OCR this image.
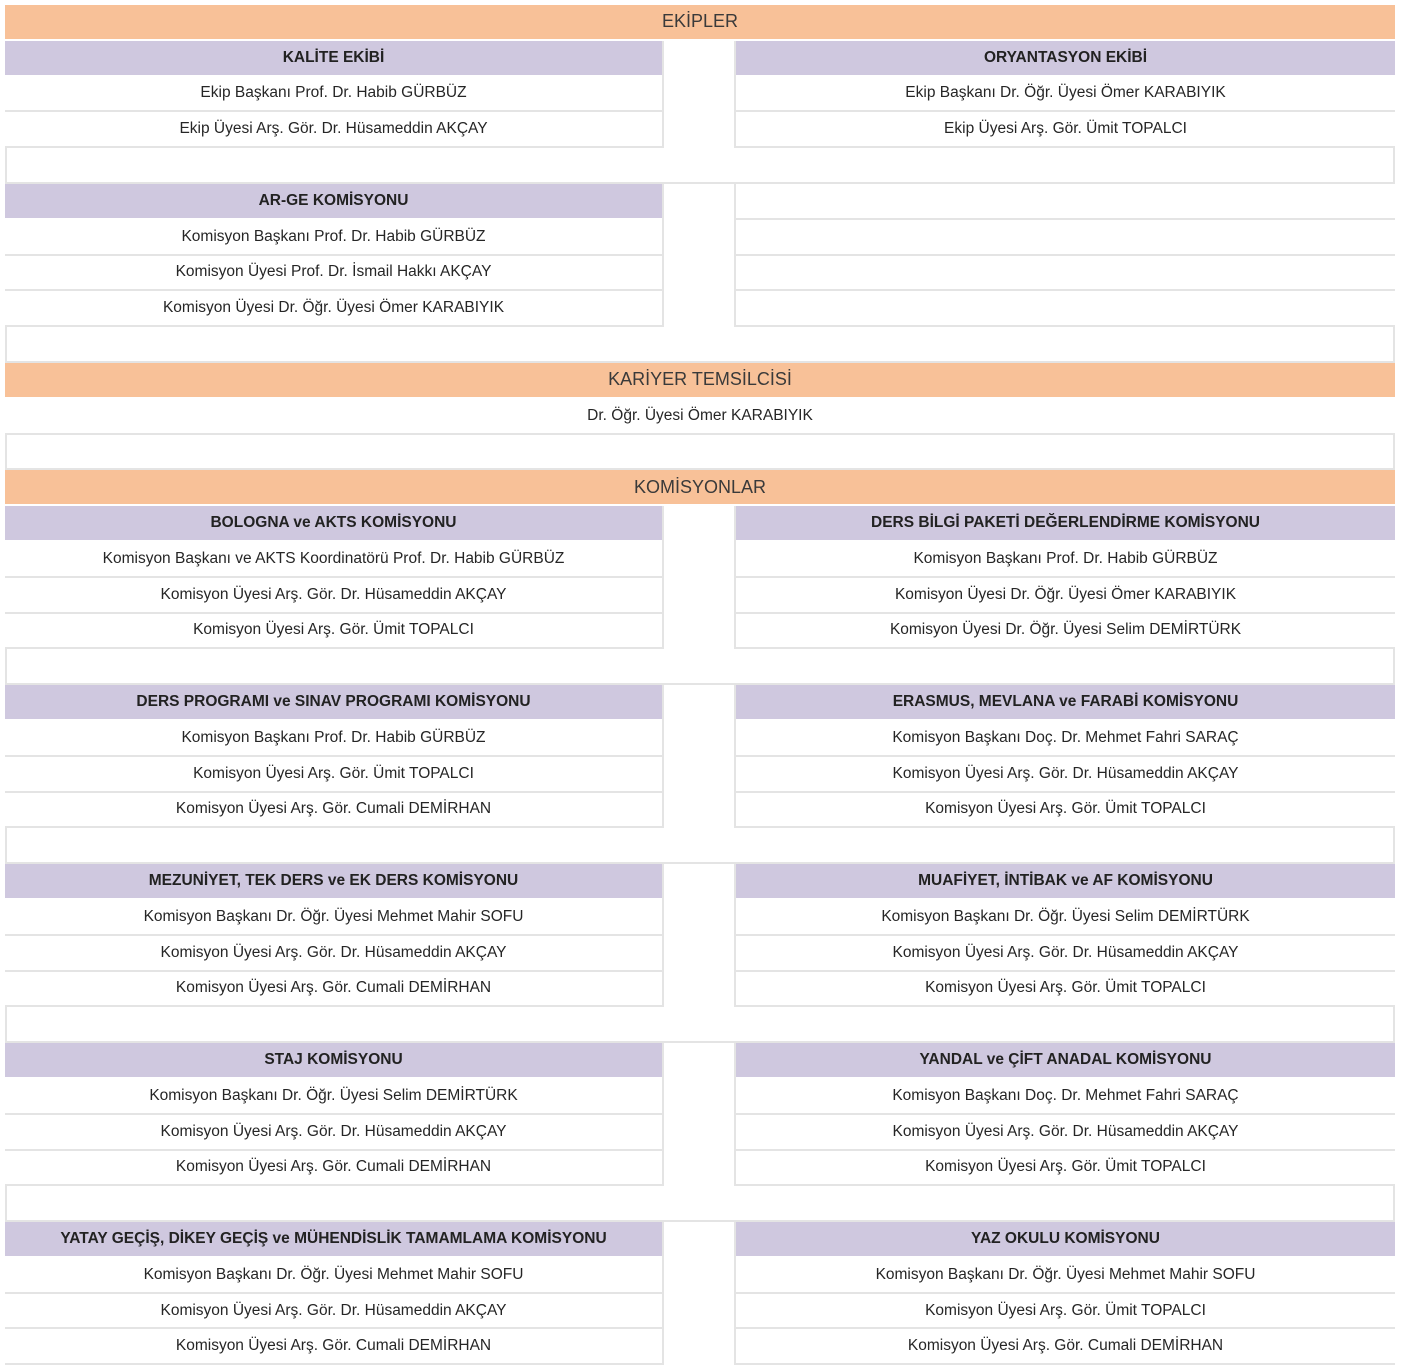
EKİPLER
KALİTE EKİBİ	ORYANTASYON EKİBİ
Ekip Başkanı Prof. Dr. Habib GÜRBÜZ	Ekip Başkanı Dr. Öğr. Üyesi Ömer KARABIYIK
Ekip Üyesi Arş. Gör. Dr. Hüsameddin AKÇAY	Ekip Üyesi Arş. Gör. Ümit TOPALCI
AR-GE KOMİSYONU
Komisyon Başkanı Prof. Dr. Habib GÜRBÜZ
Komisyon Üyesi Prof. Dr. İsmail Hakkı AKÇAY
Komisyon Üyesi Dr. Öğr. Üyesi Ömer KARABIYIK
KARİYER TEMSİLCİSİ
Dr. Öğr. Üyesi Ömer KARABIYIK
KOMİSYONLAR
BOLOGNA ve AKTS KOMİSYONU	DERS BİLGİ PAKETİ DEĞERLENDİRME KOMİSYONU
Komisyon Başkanı ve AKTS Koordinatörü Prof. Dr. Habib GÜRBÜZ	Komisyon Başkanı Prof. Dr. Habib GÜRBÜZ
Komisyon Üyesi Arş. Gör. Dr. Hüsameddin AKÇAY	Komisyon Üyesi Dr. Öğr. Üyesi Ömer KARABIYIK
Komisyon Üyesi Arş. Gör. Ümit TOPALCI	Komisyon Üyesi Dr. Öğr. Üyesi Selim DEMİRTÜRK
DERS PROGRAMI ve SINAV PROGRAMI KOMİSYONU	ERASMUS, MEVLANA ve FARABİ KOMİSYONU
Komisyon Başkanı Prof. Dr. Habib GÜRBÜZ	Komisyon Başkanı Doç. Dr. Mehmet Fahri SARAÇ
Komisyon Üyesi Arş. Gör. Ümit TOPALCI	Komisyon Üyesi Arş. Gör. Dr. Hüsameddin AKÇAY
Komisyon Üyesi Arş. Gör. Cumali DEMİRHAN	Komisyon Üyesi Arş. Gör. Ümit TOPALCI
MEZUNİYET, TEK DERS ve EK DERS KOMİSYONU	MUAFİYET, İNTİBAK ve AF KOMİSYONU
Komisyon Başkanı Dr. Öğr. Üyesi Mehmet Mahir SOFU	Komisyon Başkanı Dr. Öğr. Üyesi Selim DEMİRTÜRK
Komisyon Üyesi Arş. Gör. Dr. Hüsameddin AKÇAY	Komisyon Üyesi Arş. Gör. Dr. Hüsameddin AKÇAY
Komisyon Üyesi Arş. Gör. Cumali DEMİRHAN	Komisyon Üyesi Arş. Gör. Ümit TOPALCI
STAJ KOMİSYONU	YANDAL ve ÇİFT ANADAL KOMİSYONU
Komisyon Başkanı Dr. Öğr. Üyesi Selim DEMİRTÜRK	Komisyon Başkanı Doç. Dr. Mehmet Fahri SARAÇ
Komisyon Üyesi Arş. Gör. Dr. Hüsameddin AKÇAY	Komisyon Üyesi Arş. Gör. Dr. Hüsameddin AKÇAY
Komisyon Üyesi Arş. Gör. Cumali DEMİRHAN	Komisyon Üyesi Arş. Gör. Ümit TOPALCI
YATAY GEÇİŞ, DİKEY GEÇİŞ ve MÜHENDİSLİK TAMAMLAMA KOMİSYONU	YAZ OKULU KOMİSYONU
Komisyon Başkanı Dr. Öğr. Üyesi Mehmet Mahir SOFU	Komisyon Başkanı Dr. Öğr. Üyesi Mehmet Mahir SOFU
Komisyon Üyesi Arş. Gör. Dr. Hüsameddin AKÇAY	Komisyon Üyesi Arş. Gör. Ümit TOPALCI
Komisyon Üyesi Arş. Gör. Cumali DEMİRHAN	Komisyon Üyesi Arş. Gör. Cumali DEMİRHAN
